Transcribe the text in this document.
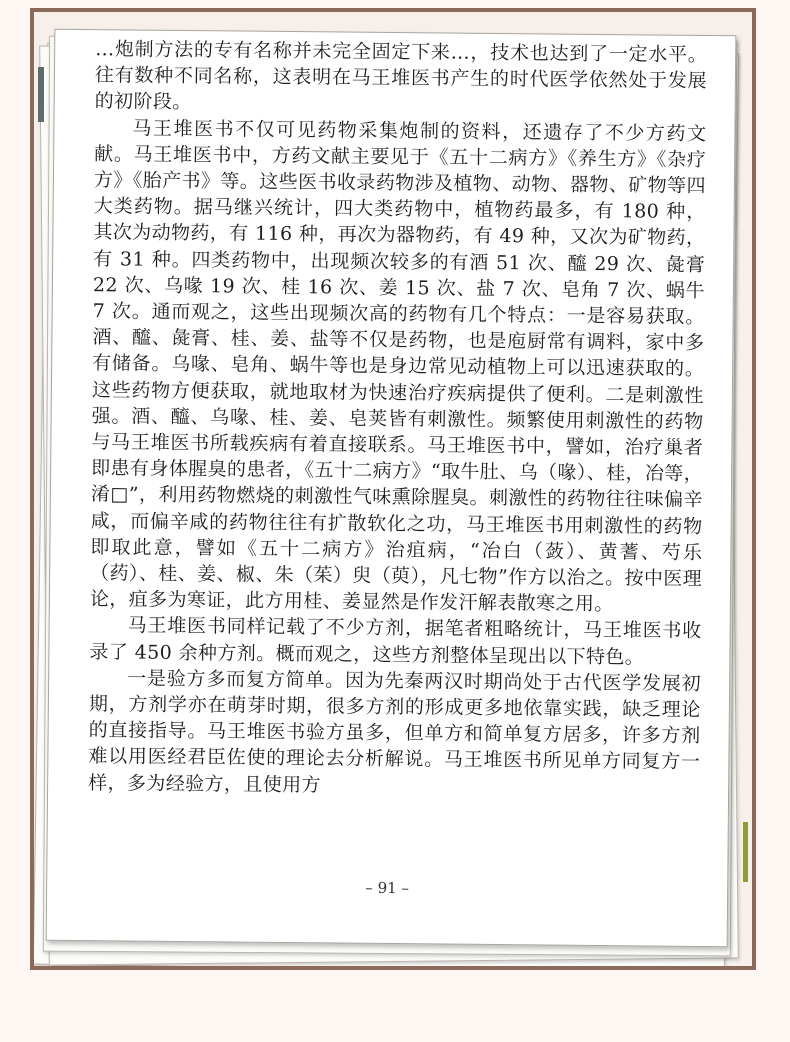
…炮制方法的专有名称并未完全固定下来…，技术也达到了一定水平。往有数种不同名称，这表明在马王堆医书产生的时代医学依然处于发展的初阶段。

马王堆医书不仅可见药物采集炮制的资料，还遗存了不少方药文献。马王堆医书中，方药文献主要见于《五十二病方》《养生方》《杂疗方》《胎产书》等。这些医书收录药物涉及植物、动物、器物、矿物等四大类药物。据马继兴统计，四大类药物中，植物药最多，有 180 种，其次为动物药，有 116 种，再次为器物药，有 49 种，又次为矿物药，有 31 种。四类药物中，出现频次较多的有酒 51 次、醯 29 次、彘膏 22 次、乌喙 19 次、桂 16 次、姜 15 次、盐 7 次、皂角 7 次、蜗牛 7 次。通而观之，这些出现频次高的药物有几个特点：一是容易获取。酒、醯、彘膏、桂、姜、盐等不仅是药物，也是庖厨常有调料，家中多有储备。乌喙、皂角、蜗牛等也是身边常见动植物上可以迅速获取的。这些药物方便获取，就地取材为快速治疗疾病提供了便利。二是刺激性强。酒、醯、乌喙、桂、姜、皂荚皆有刺激性。频繁使用刺激性的药物与马王堆医书所载疾病有着直接联系。马王堆医书中，譬如，治疗巢者即患有身体腥臭的患者，《五十二病方》“取牛肚、乌（喙）、桂，冶等，淆□”，利用药物燃烧的刺激性气味熏除腥臭。刺激性的药物往往味偏辛咸，而偏辛咸的药物往往有扩散软化之功，马王堆医书用刺激性的药物即取此意，譬如《五十二病方》治疽病，“冶白（蔹）、黄蓍、芍乐（药）、桂、姜、椒、朱（茱）臾（萸），凡七物”作方以治之。按中医理论，疽多为寒证，此方用桂、姜显然是作发汗解表散寒之用。

马王堆医书同样记载了不少方剂，据笔者粗略统计，马王堆医书收录了 450 余种方剂。概而观之，这些方剂整体呈现出以下特色。

一是验方多而复方简单。因为先秦两汉时期尚处于古代医学发展初期，方剂学亦在萌芽时期，很多方剂的形成更多地依靠实践，缺乏理论的直接指导。马王堆医书验方虽多，但单方和简单复方居多，许多方剂难以用医经君臣佐使的理论去分析解说。马王堆医书所见单方同复方一样，多为经验方，且使用方

– 91 –
